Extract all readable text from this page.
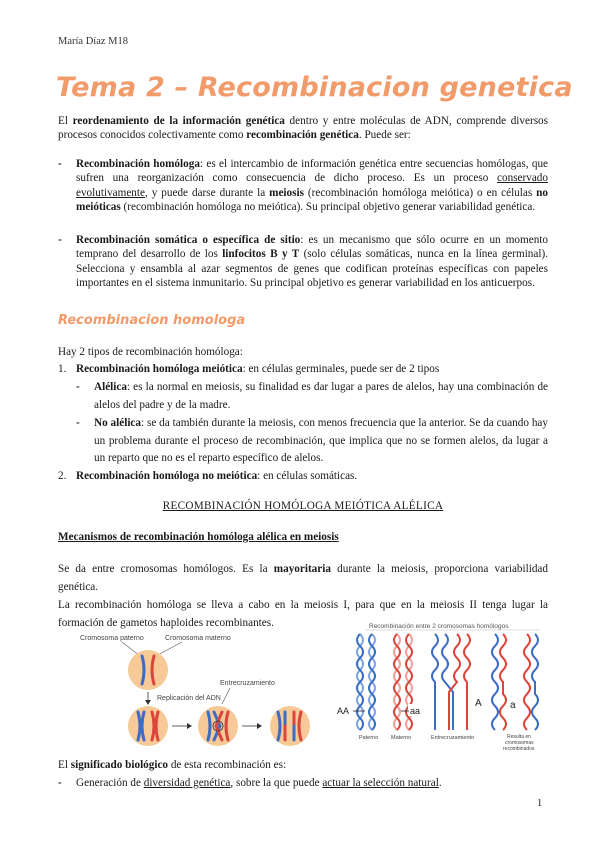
María Díaz M18
Tema 2 – Recombinacion genetica
El reordenamiento de la información genética dentro y entre moléculas de ADN, comprende diversos procesos conocidos colectivamente como recombinación genética. Puede ser:
- Recombinación homóloga: es el intercambio de información genética entre secuencias homólogas, que sufren una reorganización como consecuencia de dicho proceso. Es un proceso conservado evolutivamente, y puede darse durante la meiosis (recombinación homóloga meiótica) o en células no meióticas (recombinación homóloga no meiótica). Su principal objetivo generar variabilidad genética.
- Recombinación somática o específica de sitio: es un mecanismo que sólo ocurre en un momento temprano del desarrollo de los linfocitos B y T (solo células somáticas, nunca en la línea germinal). Selecciona y ensambla al azar segmentos de genes que codifican proteínas específicas con papeles importantes en el sistema inmunitario. Su principal objetivo es generar variabilidad en los anticuerpos.
Recombinacion homologa
Hay 2 tipos de recombinación homóloga:
1. Recombinación homóloga meiótica: en células germinales, puede ser de 2 tipos
- Alélica: es la normal en meiosis, su finalidad es dar lugar a pares de alelos, hay una combinación de alelos del padre y de la madre.
- No alélica: se da también durante la meiosis, con menos frecuencia que la anterior. Se da cuando hay un problema durante el proceso de recombinación, que implica que no se formen alelos, da lugar a un reparto que no es el reparto específico de alelos.
2. Recombinación homóloga no meiótica: en células somáticas.
RECOMBINACIÓN HOMÓLOGA MEIÓTICA ALÉLICA
Mecanismos de recombinación homóloga alélica en meiosis
Se da entre cromosomas homólogos. Es la mayoritaria durante la meiosis, proporciona variabilidad genética.
La recombinación homóloga se lleva a cabo en la meiosis I, para que en la meiosis II tenga lugar la formación de gametos haploides recombinantes.
Cromosoma paterno	Cromosoma materno
Replicación del ADN
Entrecruzamiento
Recombinación entre 2 cromosomas homólogos
AA	aa
A	a
Paterno Materno	Entrecruzamiento	Resulta en
cromosomas
recombinados
El significado biológico de esta recombinación es:
- Generación de diversidad genética, sobre la que puede actuar la selección natural.
1
